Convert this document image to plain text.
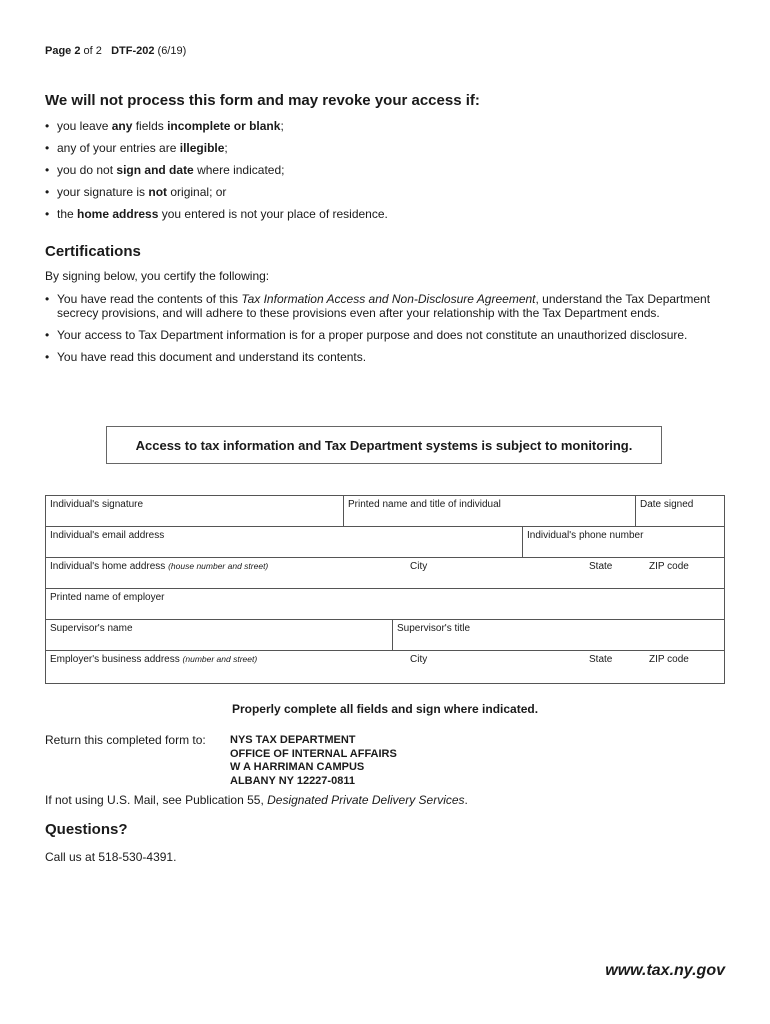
Page 2 of 2 DTF-202 (6/19)
We will not process this form and may revoke your access if:
• you leave any fields incomplete or blank;
• any of your entries are illegible;
• you do not sign and date where indicated;
• your signature is not original; or
• the home address you entered is not your place of residence.
Certifications
By signing below, you certify the following:
• You have read the contents of this Tax Information Access and Non-Disclosure Agreement, understand the Tax Department secrecy provisions, and will adhere to these provisions even after your relationship with the Tax Department ends.
• Your access to Tax Department information is for a proper purpose and does not constitute an unauthorized disclosure.
• You have read this document and understand its contents.
Access to tax information and Tax Department systems is subject to monitoring.
Individual's signature	Printed name and title of individual	Date signed
Individual's email address	Individual's phone number
Individual's home address (house number and street)	City	State	ZIP code
Printed name of employer
Supervisor's name	Supervisor's title
Employer's business address (number and street)	City	State	ZIP code
Properly complete all fields and sign where indicated.
Return this completed form to: NYS TAX DEPARTMENT
OFFICE OF INTERNAL AFFAIRS
W A HARRIMAN CAMPUS
ALBANY NY 12227-0811
If not using U.S. Mail, see Publication 55, Designated Private Delivery Services.
Questions?
Call us at 518-530-4391.
www.tax.ny.gov
